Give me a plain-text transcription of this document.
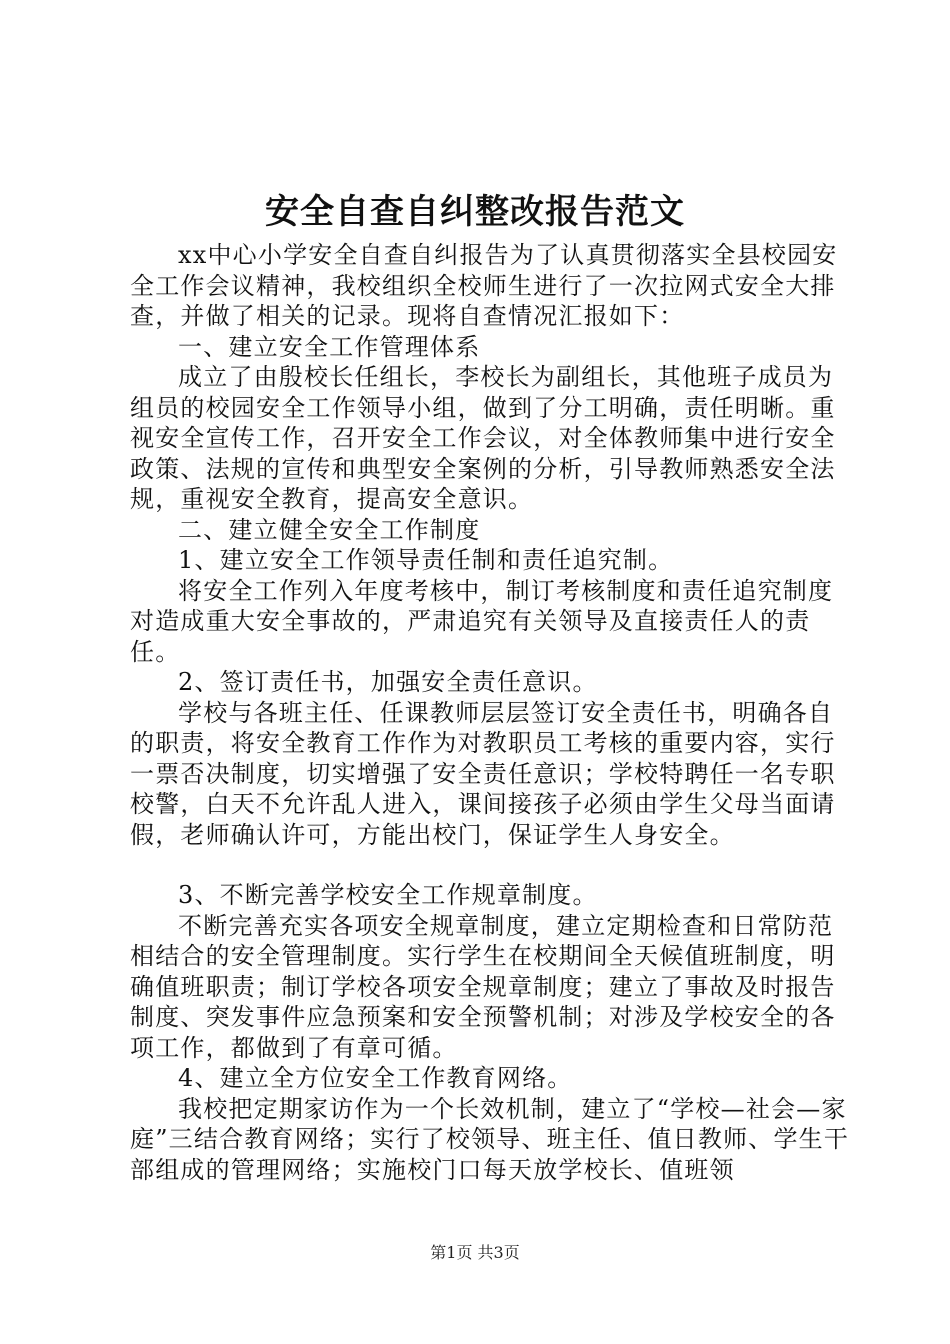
安全自查自纠整改报告范文

xx中心小学安全自查自纠报告为了认真贯彻落实全县校园安全工作会议精神，我校组织全校师生进行了一次拉网式安全大排查，并做了相关的记录。现将自查情况汇报如下：

一、建立安全工作管理体系

成立了由殷校长任组长，李校长为副组长，其他班子成员为组员的校园安全工作领导小组，做到了分工明确，责任明晰。重视安全宣传工作，召开安全工作会议，对全体教师集中进行安全政策、法规的宣传和典型安全案例的分析，引导教师熟悉安全法规，重视安全教育，提高安全意识。

二、建立健全安全工作制度

1、建立安全工作领导责任制和责任追究制。

将安全工作列入年度考核中，制订考核制度和责任追究制度对造成重大安全事故的，严肃追究有关领导及直接责任人的责任。

2、签订责任书，加强安全责任意识。

学校与各班主任、任课教师层层签订安全责任书，明确各自的职责，将安全教育工作作为对教职员工考核的重要内容，实行一票否决制度，切实增强了安全责任意识；学校特聘任一名专职校警，白天不允许乱人进入，课间接孩子必须由学生父母当面请假，老师确认许可，方能出校门，保证学生人身安全。

3、不断完善学校安全工作规章制度。

不断完善充实各项安全规章制度，建立定期检查和日常防范相结合的安全管理制度。实行学生在校期间全天候值班制度，明确值班职责；制订学校各项安全规章制度；建立了事故及时报告制度、突发事件应急预案和安全预警机制；对涉及学校安全的各项工作，都做到了有章可循。

4、建立全方位安全工作教育网络。

我校把定期家访作为一个长效机制，建立了“学校—社会—家庭”三结合教育网络；实行了校领导、班主任、值日教师、学生干部组成的管理网络；实施校门口每天放学校长、值班领

第1页 共3页
